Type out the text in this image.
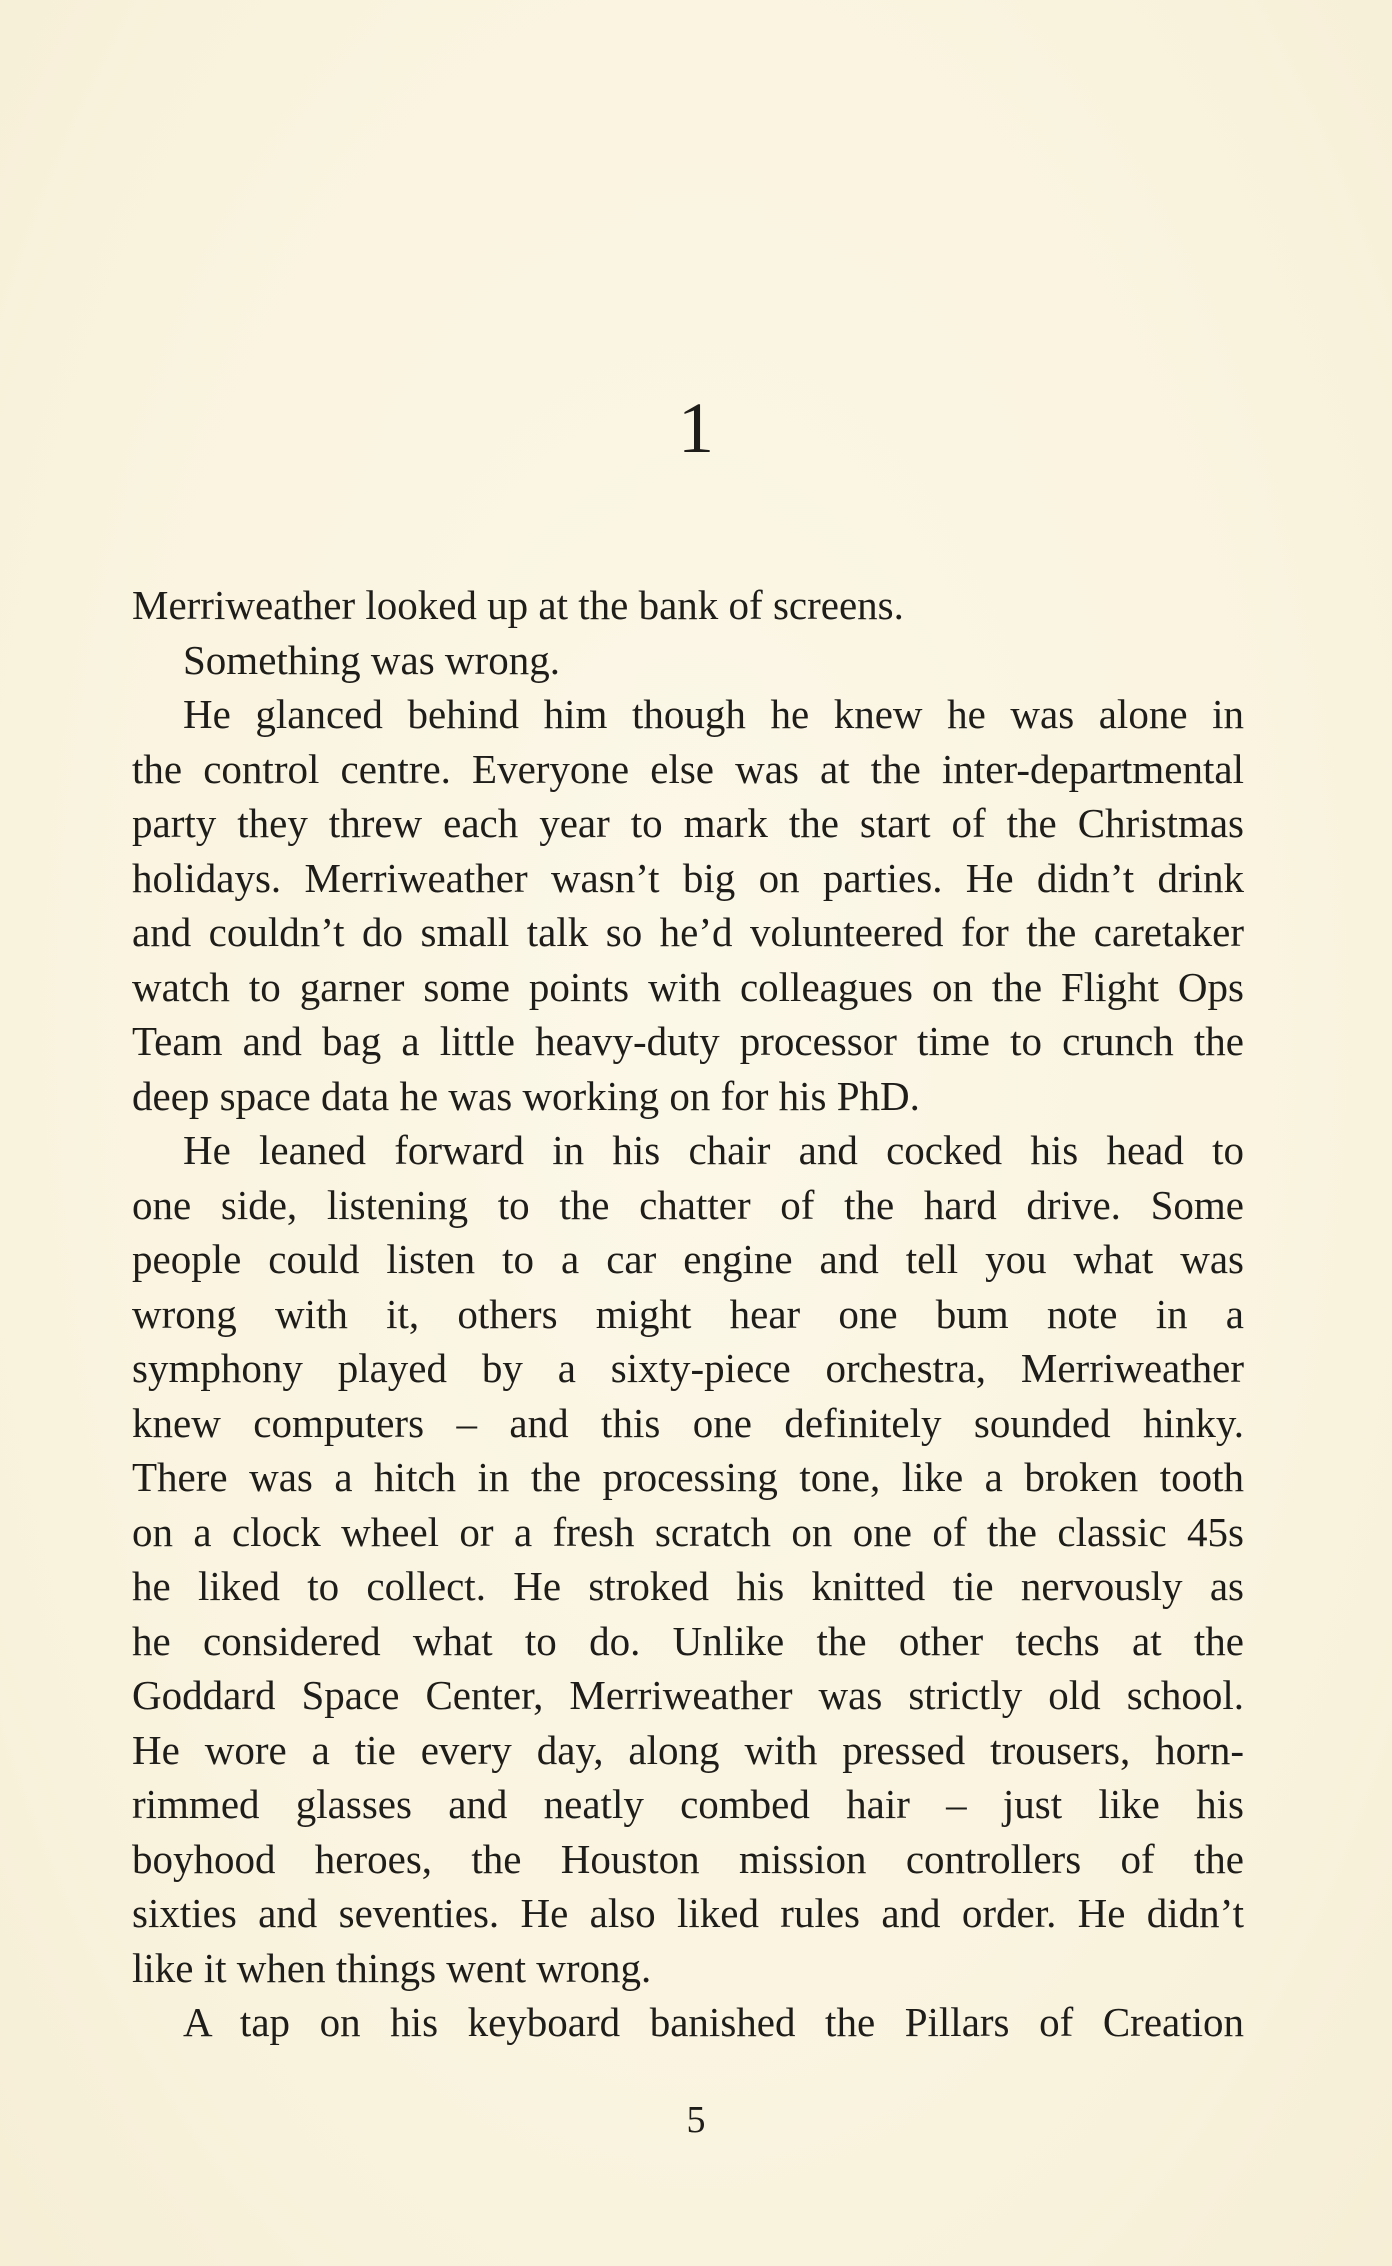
1
Merriweather looked up at the bank of screens.
Something was wrong.
He glanced behind him though he knew he was alone in
the control centre. Everyone else was at the inter-departmental
party they threw each year to mark the start of the Christmas
holidays. Merriweather wasn’t big on parties. He didn’t drink
and couldn’t do small talk so he’d volunteered for the caretaker
watch to garner some points with colleagues on the Flight Ops
Team and bag a little heavy-duty processor time to crunch the
deep space data he was working on for his PhD.
He leaned forward in his chair and cocked his head to
one side, listening to the chatter of the hard drive. Some
people could listen to a car engine and tell you what was
wrong with it, others might hear one bum note in a
symphony played by a sixty-piece orchestra, Merriweather
knew computers – and this one definitely sounded hinky.
There was a hitch in the processing tone, like a broken tooth
on a clock wheel or a fresh scratch on one of the classic 45s
he liked to collect. He stroked his knitted tie nervously as
he considered what to do. Unlike the other techs at the
Goddard Space Center, Merriweather was strictly old school.
He wore a tie every day, along with pressed trousers, horn-
rimmed glasses and neatly combed hair – just like his
boyhood heroes, the Houston mission controllers of the
sixties and seventies. He also liked rules and order. He didn’t
like it when things went wrong.
A tap on his keyboard banished the Pillars of Creation
5
